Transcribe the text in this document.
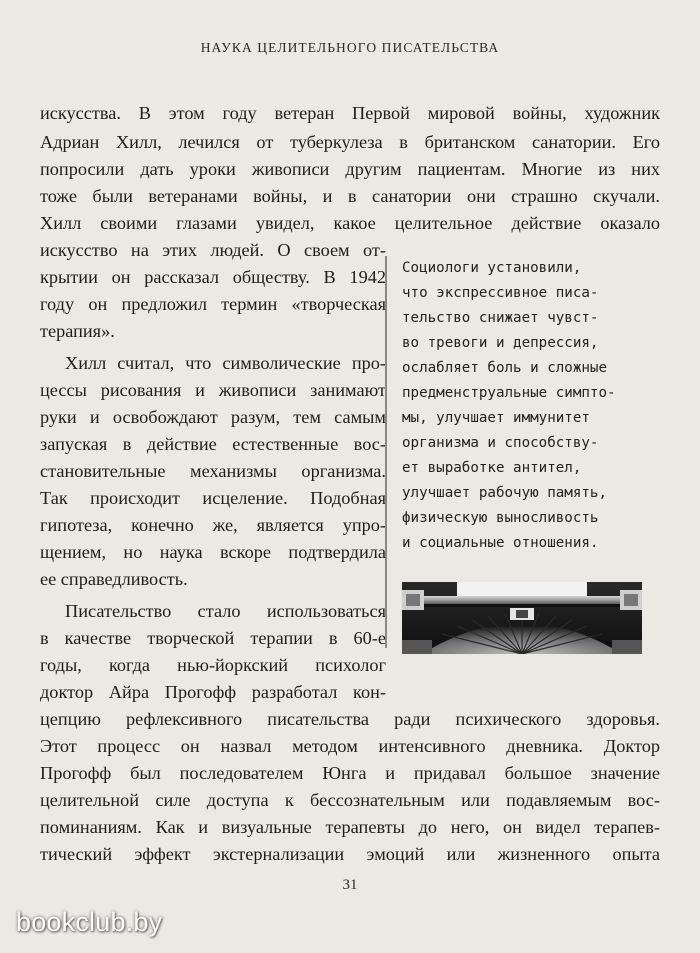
НАУКА ЦЕЛИТЕЛЬНОГО ПИСАТЕЛЬСТВА
искусства. В этом году ветеран Первой мировой войны, художник
Адриан Хилл, лечился от туберкулеза в британском санатории. Его
попросили дать уроки живописи другим пациентам. Многие из них
тоже были ветеранами войны, и в санатории они страшно скучали.
Хилл своими глазами увидел, какое целительное действие оказало
искусство на этих людей. О своем от-
крытии он рассказал обществу. В 1942
году он предложил термин «творческая
терапия».
Хилл считал, что символические про-
цессы рисования и живописи занимают
руки и освобождают разум, тем самым
запуская в действие естественные вос-
становительные механизмы организма.
Так происходит исцеление. Подобная
гипотеза, конечно же, является упро-
щением, но наука вскоре подтвердила
ее справедливость.
Писательство стало использоваться
в качестве творческой терапии в 60-е
годы, когда нью-йоркский психолог
доктор Айра Прогофф разработал кон-
цепцию рефлексивного писательства ради психического здоровья.
Этот процесс он назвал методом интенсивного дневника. Доктор
Прогофф был последователем Юнга и придавал большое значение
целительной силе доступа к бессознательным или подавляемым вос-
поминаниям. Как и визуальные терапевты до него, он видел терапев-
тический эффект экстернализации эмоций или жизненного опыта
Социологи установили,
что экспрессивное писа-
тельство снижает чувст-
во тревоги и депрессия,
ослабляет боль и сложные
предменструальные симпто-
мы, улучшает иммунитет
организма и способству-
ет выработке антител,
улучшает рабочую память,
физическую выносливость
и социальные отношения.
31
bookclub.by
